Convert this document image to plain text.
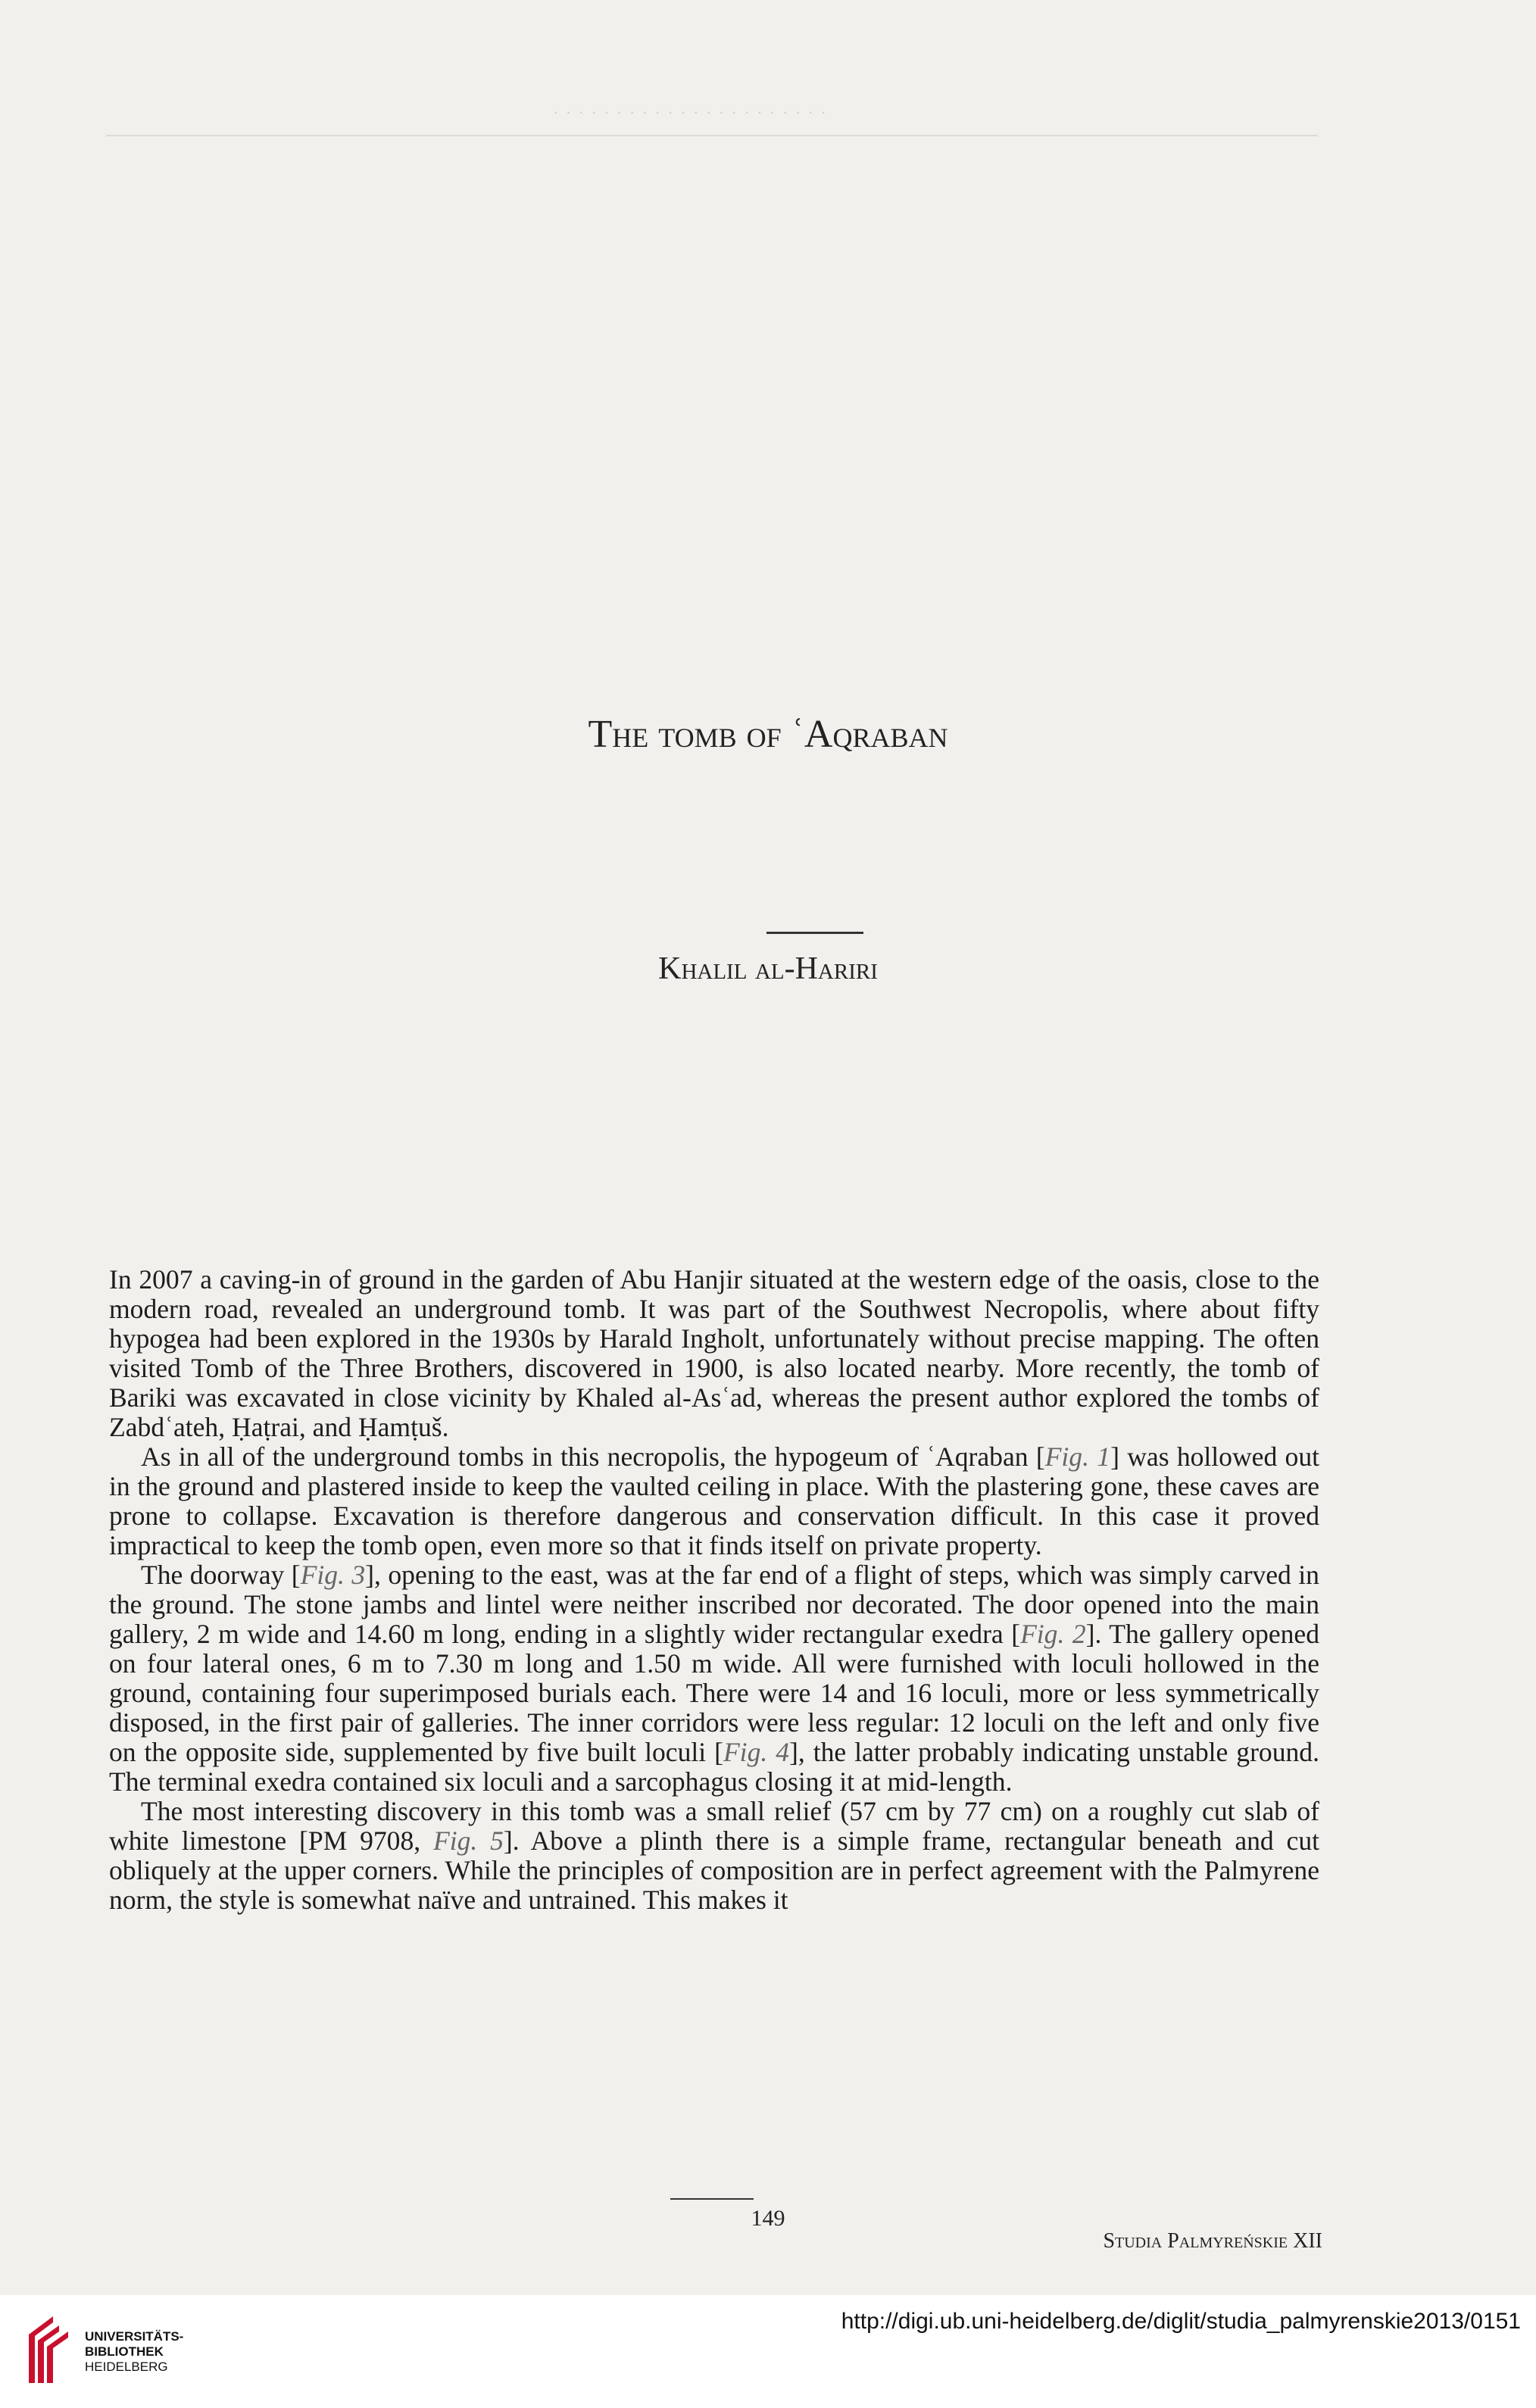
· · · · · · · · · · · · · · · · · · · · · ·
The tomb of ʿAqraban
Khalil al-Hariri

In 2007 a caving-in of ground in the garden of Abu Hanjir situated at the western edge of the oasis, close to the modern road, revealed an underground tomb. It was part of the Southwest Necropolis, where about fifty hypogea had been explored in the 1930s by Harald Ingholt, unfortunately without precise mapping. The often visited Tomb of the Three Brothers, discovered in 1900, is also located nearby. More recently, the tomb of Bariki was excavated in close vicinity by Khaled al-Asʿad, whereas the present author explored the tombs of Zabdʿateh, Ḥaṭrai, and Ḥamṭuš.

As in all of the underground tombs in this necropolis, the hypogeum of ʿAqraban [Fig. 1] was hollowed out in the ground and plastered inside to keep the vaulted ceiling in place. With the plastering gone, these caves are prone to collapse. Excavation is therefore dangerous and conservation difficult. In this case it proved impractical to keep the tomb open, even more so that it finds itself on private property.

The doorway [Fig. 3], opening to the east, was at the far end of a flight of steps, which was simply carved in the ground. The stone jambs and lintel were neither inscribed nor decorated. The door opened into the main gallery, 2 m wide and 14.60 m long, ending in a slightly wider rectangular exedra [Fig. 2]. The gallery opened on four lateral ones, 6 m to 7.30 m long and 1.50 m wide. All were furnished with loculi hollowed in the ground, containing four superimposed burials each. There were 14 and 16 loculi, more or less symmetrically disposed, in the first pair of galleries. The inner corridors were less regular: 12 loculi on the left and only five on the opposite side, supplemented by five built loculi [Fig. 4], the latter probably indicating unstable ground. The terminal exedra contained six loculi and a sarcophagus closing it at mid-length.

The most interesting discovery in this tomb was a small relief (57 cm by 77 cm) on a roughly cut slab of white limestone [PM 9708, Fig. 5]. Above a plinth there is a simple frame, rectangular beneath and cut obliquely at the upper corners. While the principles of composition are in perfect agreement with the Palmyrene norm, the style is somewhat naïve and untrained. This makes it

149
Studia Palmyreńskie XII
UNIVERSITÄTS-
BIBLIOTHEK
HEIDELBERG
http://digi.ub.uni-heidelberg.de/diglit/studia_palmyrenskie2013/0151
